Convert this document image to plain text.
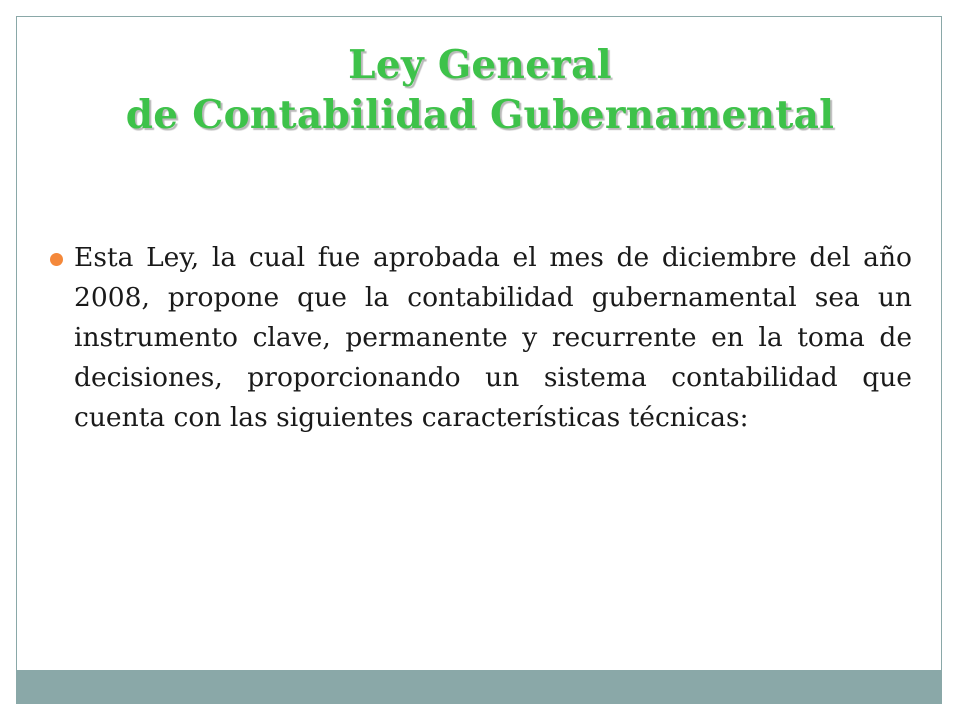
Ley General
de Contabilidad Gubernamental
Esta Ley, la cual fue aprobada el mes de diciembre del año 2008, propone que la contabilidad gubernamental sea un instrumento clave, permanente y recurrente en la toma de decisiones, proporcionando un sistema contabilidad que cuenta con las siguientes características técnicas:
